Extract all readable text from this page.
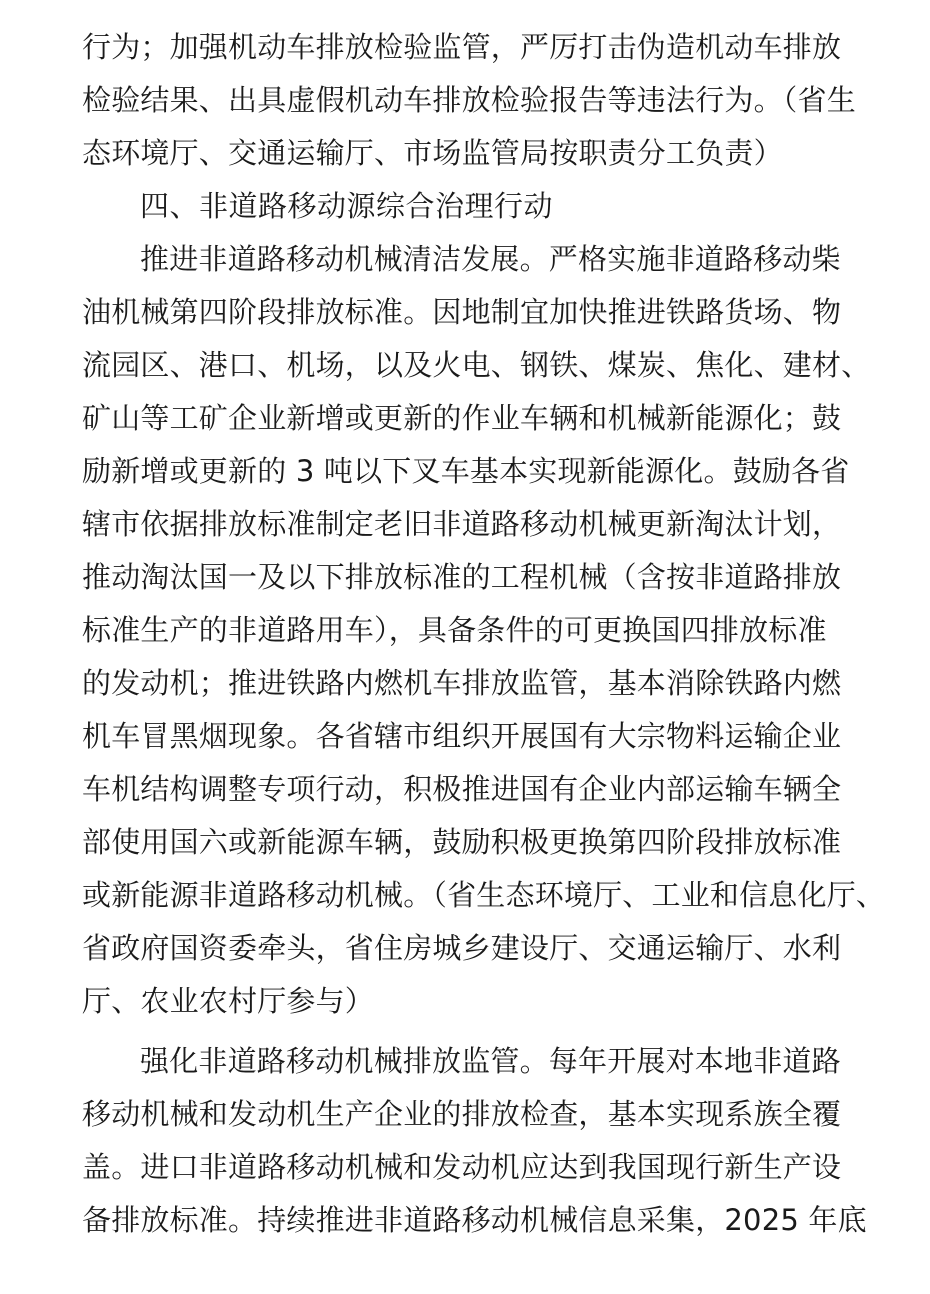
行为；加强机动车排放检验监管，严厉打击伪造机动车排放
检验结果、出具虚假机动车排放检验报告等违法行为。（省生
态环境厅、交通运输厅、市场监管局按职责分工负责）
四、非道路移动源综合治理行动
推进非道路移动机械清洁发展。严格实施非道路移动柴
油机械第四阶段排放标准。因地制宜加快推进铁路货场、物
流园区、港口、机场，以及火电、钢铁、煤炭、焦化、建材、
矿山等工矿企业新增或更新的作业车辆和机械新能源化；鼓
励新增或更新的 3 吨以下叉车基本实现新能源化。鼓励各省
辖市依据排放标准制定老旧非道路移动机械更新淘汰计划，
推动淘汰国一及以下排放标准的工程机械（含按非道路排放
标准生产的非道路用车），具备条件的可更换国四排放标准
的发动机；推进铁路内燃机车排放监管，基本消除铁路内燃
机车冒黑烟现象。各省辖市组织开展国有大宗物料运输企业
车机结构调整专项行动，积极推进国有企业内部运输车辆全
部使用国六或新能源车辆，鼓励积极更换第四阶段排放标准
或新能源非道路移动机械。（省生态环境厅、工业和信息化厅、
省政府国资委牵头，省住房城乡建设厅、交通运输厅、水利
厅、农业农村厅参与）
强化非道路移动机械排放监管。每年开展对本地非道路
移动机械和发动机生产企业的排放检查，基本实现系族全覆
盖。进口非道路移动机械和发动机应达到我国现行新生产设
备排放标准。持续推进非道路移动机械信息采集，2025 年底
